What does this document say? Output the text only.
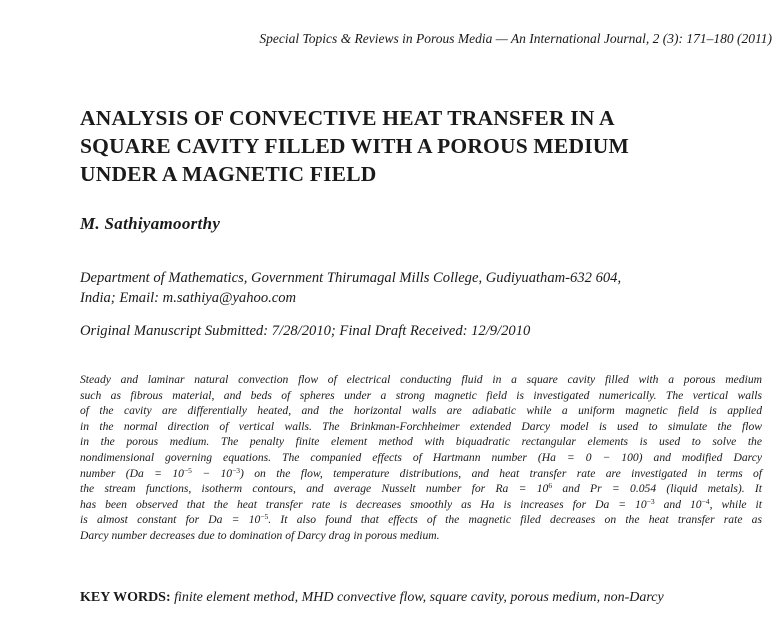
Special Topics & Reviews in Porous Media — An International Journal, 2 (3): 171–180 (2011)
ANALYSIS OF CONVECTIVE HEAT TRANSFER IN A
SQUARE CAVITY FILLED WITH A POROUS MEDIUM
UNDER A MAGNETIC FIELD
M. Sathiyamoorthy
Department of Mathematics, Government Thirumagal Mills College, Gudiyuatham-632 604,
India; Email: m.sathiya@yahoo.com
Original Manuscript Submitted: 7/28/2010; Final Draft Received: 12/9/2010
Steady and laminar natural convection flow of electrical conducting fluid in a square cavity filled with a porous medium
such as fibrous material, and beds of spheres under a strong magnetic field is investigated numerically. The vertical walls
of the cavity are differentially heated, and the horizontal walls are adiabatic while a uniform magnetic field is applied
in the normal direction of vertical walls. The Brinkman-Forchheimer extended Darcy model is used to simulate the flow
in the porous medium. The penalty finite element method with biquadratic rectangular elements is used to solve the
nondimensional governing equations. The companied effects of Hartmann number (Ha = 0 − 100) and modified Darcy
number $(Da = 10^{-5} - 10^{-3})$ on the flow, temperature distributions, and heat transfer rate are investigated in terms of
the stream functions, isotherm contours, and average Nusselt number for $Ra = 10^6$ and Pr = 0.054 (liquid metals). It
has been observed that the heat transfer rate is decreases smoothly as Ha is increases for $Da = 10^{-3}$ and $10^{-4}$, while it
is almost constant for $Da = 10^{-5}$. It also found that effects of the magnetic filed decreases on the heat transfer rate as
Darcy number decreases due to domination of Darcy drag in porous medium.
KEY WORDS: finite element method, MHD convective flow, square cavity, porous medium, non-Darcy
